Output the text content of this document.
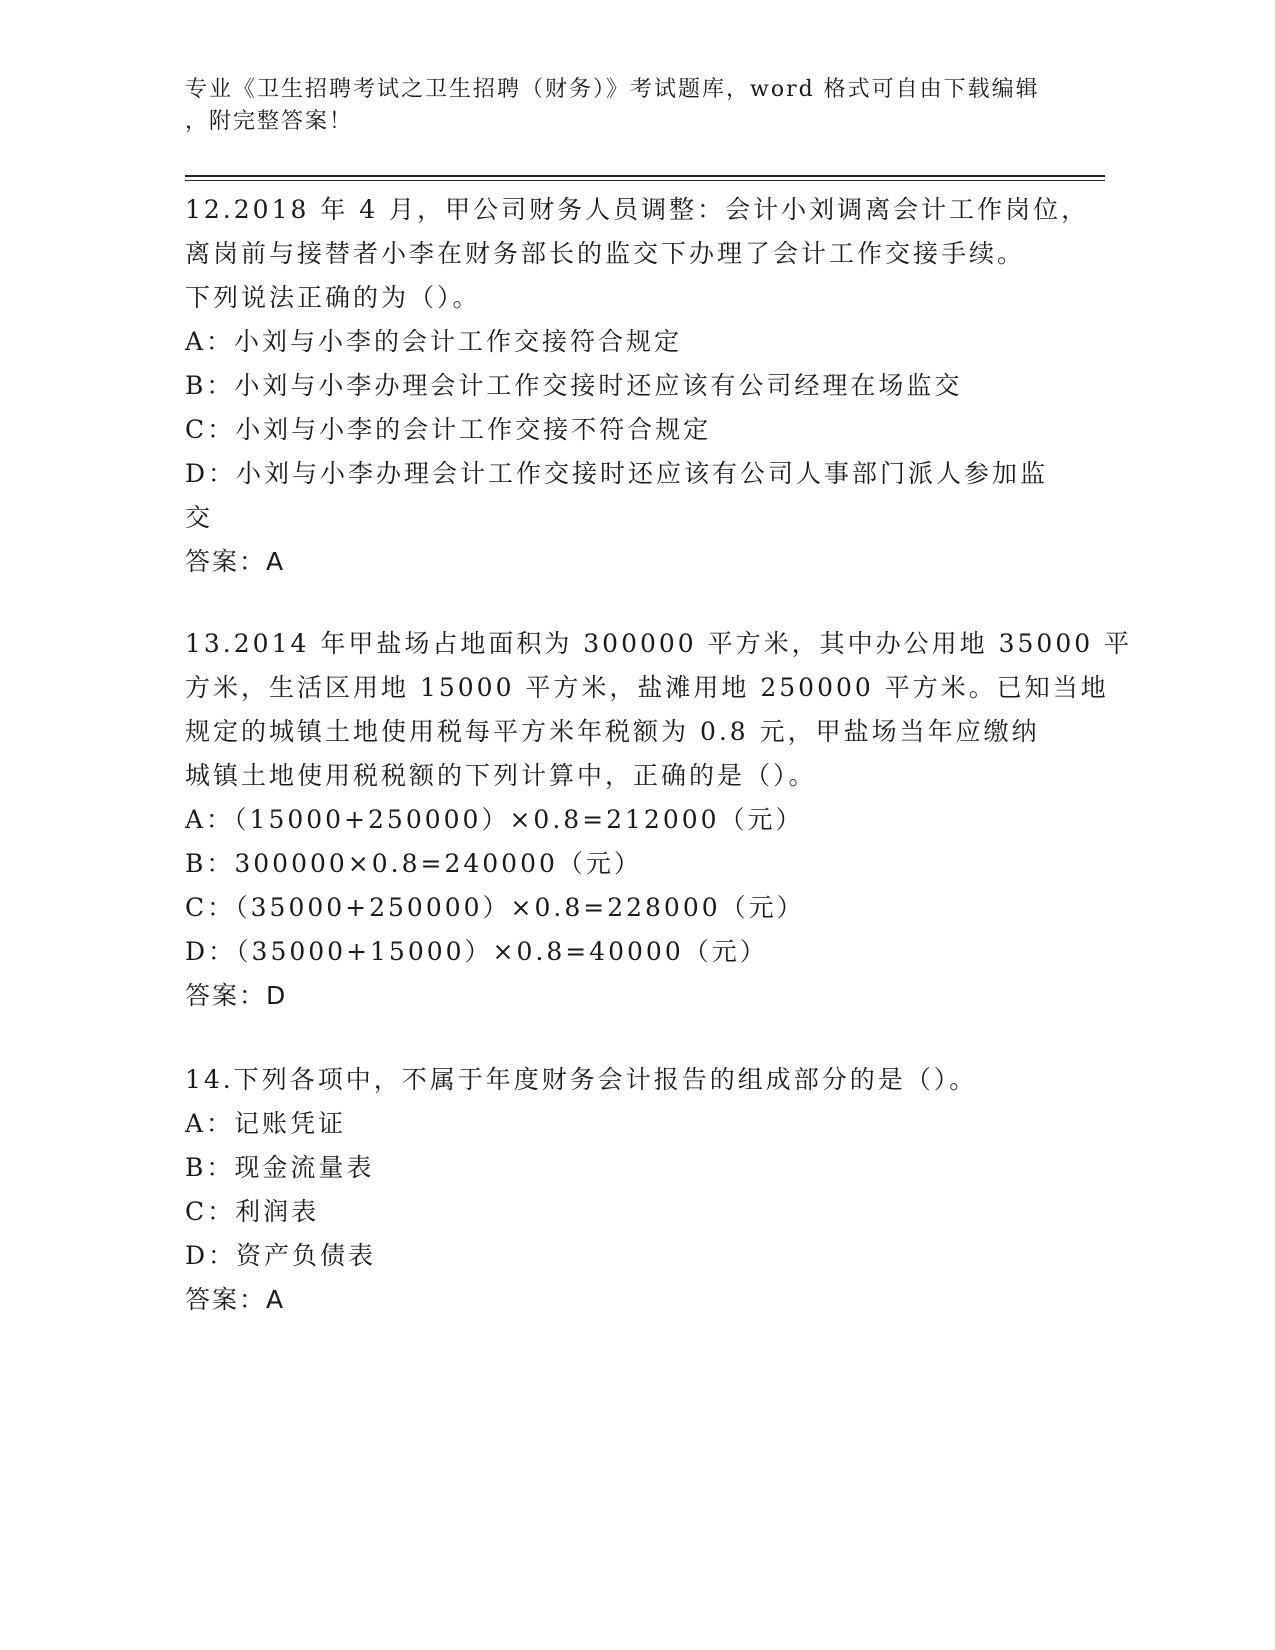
专业《卫生招聘考试之卫生招聘（财务）》考试题库，word 格式可自由下载编辑
，附完整答案！
12.2018 年 4 月，甲公司财务人员调整：会计小刘调离会计工作岗位，
离岗前与接替者小李在财务部长的监交下办理了会计工作交接手续。
下列说法正确的为（）。
A：小刘与小李的会计工作交接符合规定
B：小刘与小李办理会计工作交接时还应该有公司经理在场监交
C：小刘与小李的会计工作交接不符合规定
D：小刘与小李办理会计工作交接时还应该有公司人事部门派人参加监
交
答案：A
13.2014 年甲盐场占地面积为 300000 平方米，其中办公用地 35000 平
方米，生活区用地 15000 平方米，盐滩用地 250000 平方米。已知当地
规定的城镇土地使用税每平方米年税额为 0.8 元，甲盐场当年应缴纳
城镇土地使用税税额的下列计算中，正确的是（）。
A：（15000+250000）×0.8=212000（元）
B：300000×0.8=240000（元）
C：（35000+250000）×0.8=228000（元）
D：（35000+15000）×0.8=40000（元）
答案：D
14.下列各项中，不属于年度财务会计报告的组成部分的是（）。
A：记账凭证
B：现金流量表
C：利润表
D：资产负债表
答案：A
